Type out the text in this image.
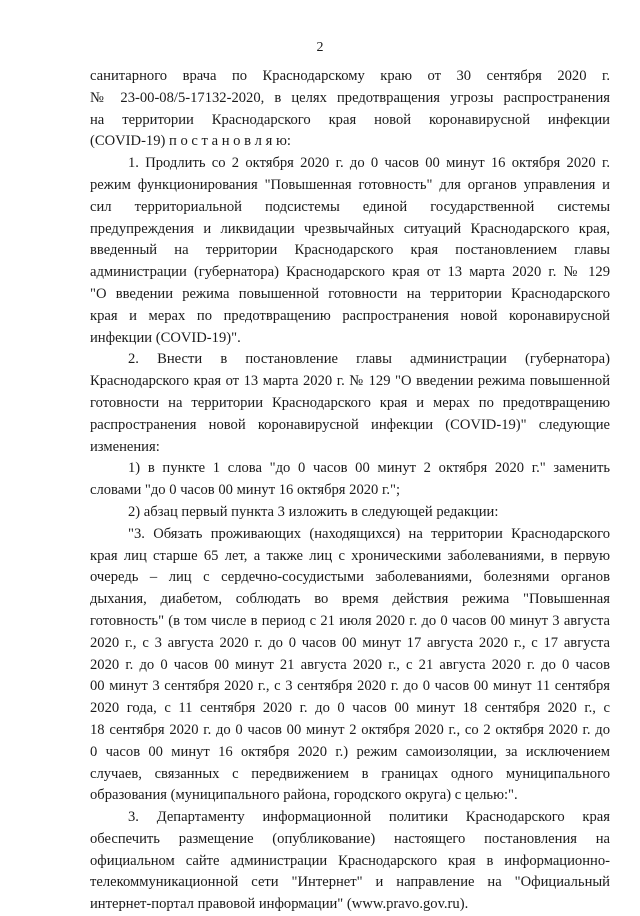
2
санитарного врача по Краснодарскому краю от 30 сентября 2020 г.
№ 23-00-08/5-17132-2020, в целях предотвращения угрозы распространения
на территории Краснодарского края новой коронавирусной инфекции
(COVID-19) п о с т а н о в л я ю:
1. Продлить со 2 октября 2020 г. до 0 часов 00 минут 16 октября 2020 г.
режим функционирования "Повышенная готовность" для органов управления и
сил территориальной подсистемы единой государственной системы
предупреждения и ликвидации чрезвычайных ситуаций Краснодарского края,
введенный на территории Краснодарского края постановлением главы
администрации (губернатора) Краснодарского края от 13 марта 2020 г. № 129
"О введении режима повышенной готовности на территории Краснодарского
края и мерах по предотвращению распространения новой коронавирусной
инфекции (COVID-19)".
2. Внести в постановление главы администрации (губернатора)
Краснодарского края от 13 марта 2020 г. № 129 "О введении режима повышенной
готовности на территории Краснодарского края и мерах по предотвращению
распространения новой коронавирусной инфекции (COVID-19)" следующие
изменения:
1) в пункте 1 слова "до 0 часов 00 минут 2 октября 2020 г." заменить
словами "до 0 часов 00 минут 16 октября 2020 г.";
2) абзац первый пункта 3 изложить в следующей редакции:
"3. Обязать проживающих (находящихся) на территории Краснодарского
края лиц старше 65 лет, а также лиц с хроническими заболеваниями, в первую
очередь – лиц с сердечно-сосудистыми заболеваниями, болезнями органов
дыхания, диабетом, соблюдать во время действия режима "Повышенная
готовность" (в том числе в период с 21 июля 2020 г. до 0 часов 00 минут 3 августа
2020 г., с 3 августа 2020 г. до 0 часов 00 минут 17 августа 2020 г., с 17 августа
2020 г. до 0 часов 00 минут 21 августа 2020 г., с 21 августа 2020 г. до 0 часов
00 минут 3 сентября 2020 г., с 3 сентября 2020 г. до 0 часов 00 минут 11 сентября
2020 года, с 11 сентября 2020 г. до 0 часов 00 минут 18 сентября 2020 г., с
18 сентября 2020 г. до 0 часов 00 минут 2 октября 2020 г., со 2 октября 2020 г. до
0 часов 00 минут 16 октября 2020 г.) режим самоизоляции, за исключением
случаев, связанных с передвижением в границах одного муниципального
образования (муниципального района, городского округа) с целью:".
3. Департаменту информационной политики Краснодарского края
обеспечить размещение (опубликование) настоящего постановления на
официальном сайте администрации Краснодарского края в информационно-
телекоммуникационной сети "Интернет" и направление на "Официальный
интернет-портал правовой информации" (www.pravo.gov.ru).
